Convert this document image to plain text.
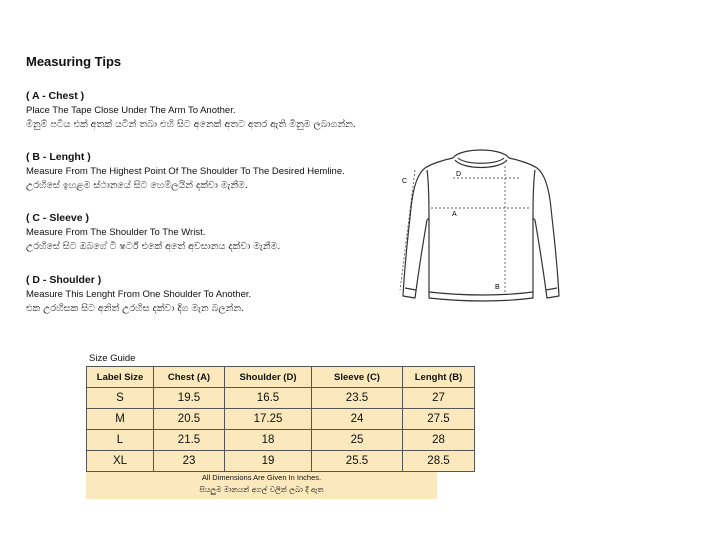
Measuring Tips
( A - Chest )
Place The Tape Close Under The Arm To Another.
මිනුම් පටිය එක් අතක් යටින් තබා එහි සිට අනෙක් අතට අතර ඇති මිනුම ලබාගන්න.
( B - Lenght )
Measure From The Highest Point Of The Shoulder To The Desired Hemline.
උරහිසේ ඉහළම ස්ථානයේ සිට හෙම්ලයින් දක්වා මැනීම.
( C - Sleeve )
Measure From The Shoulder To The Wrist.
උරහිසේ සිට ඔබගේ ටී ෂර්ට් එකේ අතේ අවසානය දක්වා මැනීම.
( D - Shoulder )
Measure This Lenght From One Shoulder To Another.
එක උරහිසක සිට අනිත් උරහිස දක්වා දිග මැන බලන්න.
D
A
B
C
Size Guide
Label Size	Chest (A)	Shoulder (D)	Sleeve (C)	Lenght (B)
S	19.5	16.5	23.5	27
M	20.5	17.25	24	27.5
L	21.5	18	25	28
XL	23	19	25.5	28.5
All Dimensions Are Given In Inches.
සියලුම මානයන් අගල් වලින් ලබා දී ඇත
